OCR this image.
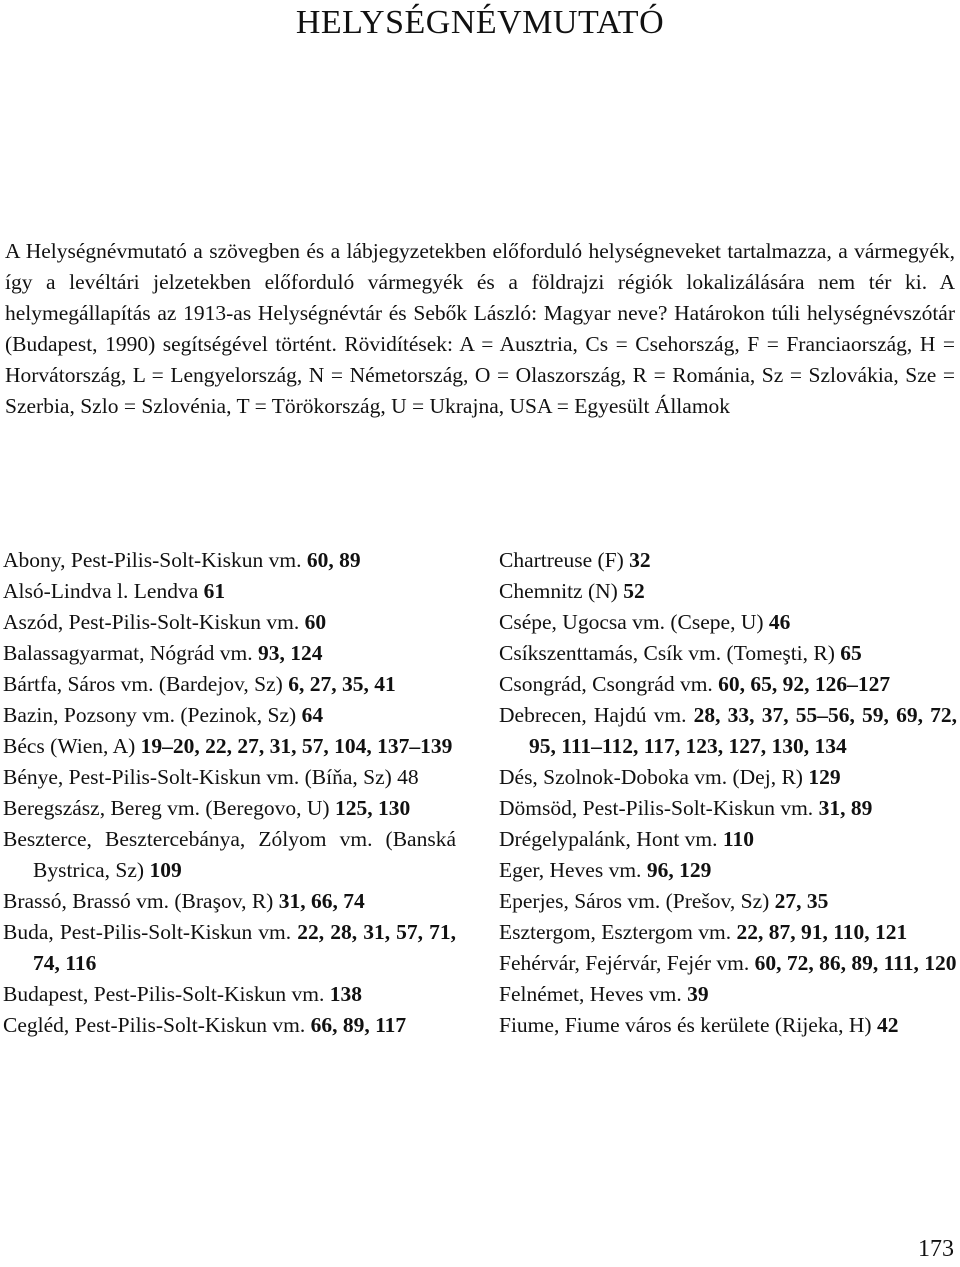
HELYSÉGNÉVMUTATÓ

A Helységnévmutató a szövegben és a lábjegyzetekben előforduló helységneveket tartalmazza, a vármegyék, így a levéltári jelzetekben előforduló vármegyék és a földrajzi régiók lokalizálására nem tér ki. A helymegállapítás az 1913-as Helységnévtár és Sebők László: Magyar neve? Határokon túli helységnévszótár (Budapest, 1990) segítségével történt. Rövidítések: A = Ausztria, Cs = Csehország, F = Franciaország, H = Horvátország, L = Lengyelország, N = Németország, O = Olaszország, R = Románia, Sz = Szlovákia, Sze = Szerbia, Szlo = Szlovénia, T = Törökország, U = Ukrajna, USA = Egyesült Államok

Abony, Pest-Pilis-Solt-Kiskun vm. 60, 89

Alsó-Lindva l. Lendva 61

Aszód, Pest-Pilis-Solt-Kiskun vm. 60

Balassagyarmat, Nógrád vm. 93, 124

Bártfa, Sáros vm. (Bardejov, Sz) 6, 27, 35, 41

Bazin, Pozsony vm. (Pezinok, Sz) 64

Bécs (Wien, A) 19–20, 22, 27, 31, 57, 104, 137–139

Bénye, Pest-Pilis-Solt-Kiskun vm. (Bíňa, Sz) 48

Beregszász, Bereg vm. (Beregovo, U) 125, 130

Beszterce, Besztercebánya, Zólyom vm. (Banská Bystrica, Sz) 109

Brassó, Brassó vm. (Braşov, R) 31, 66, 74

Buda, Pest-Pilis-Solt-Kiskun vm. 22, 28, 31, 57, 71, 74, 116

Budapest, Pest-Pilis-Solt-Kiskun vm. 138

Cegléd, Pest-Pilis-Solt-Kiskun vm. 66, 89, 117

Chartreuse (F) 32

Chemnitz (N) 52

Csépe, Ugocsa vm. (Csepe, U) 46

Csíkszenttamás, Csík vm. (Tomeşti, R) 65

Csongrád, Csongrád vm. 60, 65, 92, 126–127

Debrecen, Hajdú vm. 28, 33, 37, 55–56, 59, 69, 72, 95, 111–112, 117, 123, 127, 130, 134

Dés, Szolnok-Doboka vm. (Dej, R) 129

Dömsöd, Pest-Pilis-Solt-Kiskun vm. 31, 89

Drégelypalánk, Hont vm. 110

Eger, Heves vm. 96, 129

Eperjes, Sáros vm. (Prešov, Sz) 27, 35

Esztergom, Esztergom vm. 22, 87, 91, 110, 121

Fehérvár, Fejérvár, Fejér vm. 60, 72, 86, 89, 111, 120

Felnémet, Heves vm. 39

Fiume, Fiume város és kerülete (Rijeka, H) 42

173
